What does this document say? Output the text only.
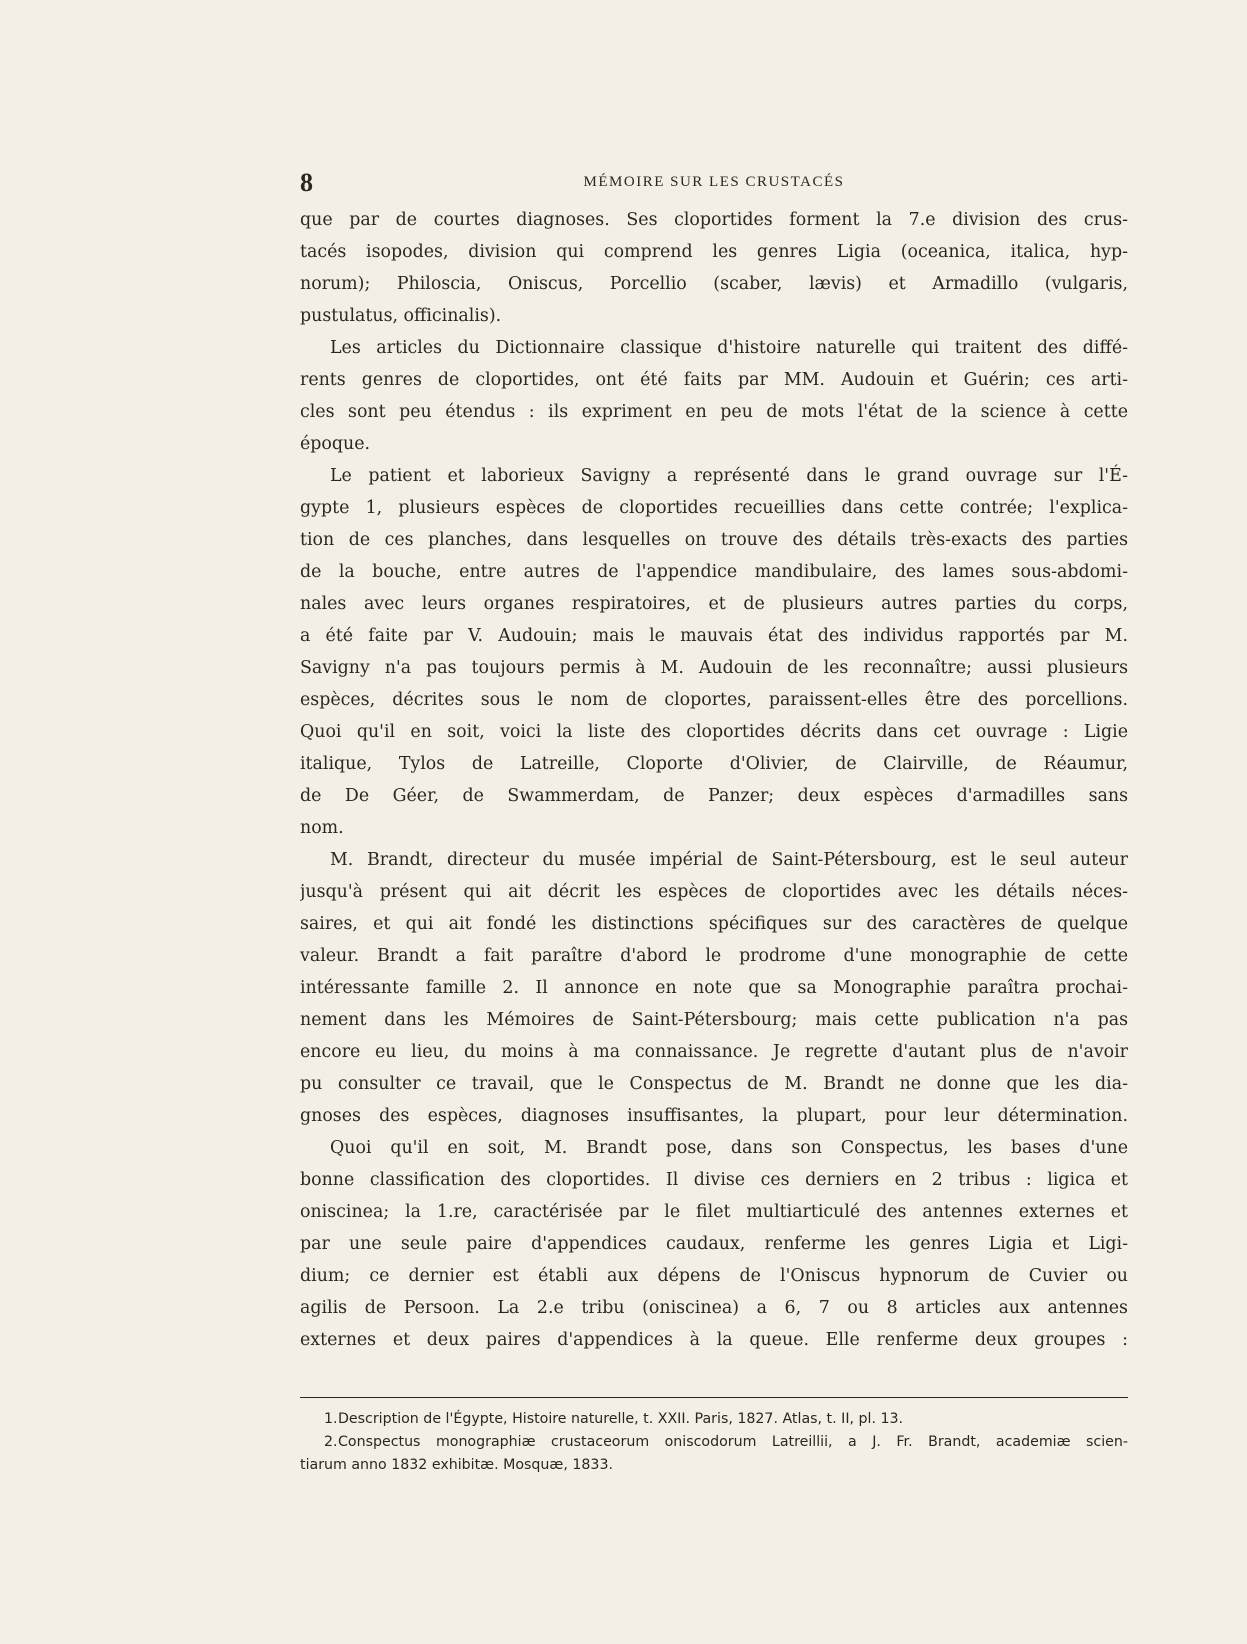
8	MÉMOIRE SUR LES CRUSTACÉS
que par de courtes diagnoses. Ses cloportides forment la 7.e division des crus-
tacés isopodes, division qui comprend les genres Ligia (oceanica, italica, hyp-
norum); Philoscia, Oniscus, Porcellio (scaber, lævis) et Armadillo (vulgaris,
pustulatus, officinalis).
Les articles du Dictionnaire classique d'histoire naturelle qui traitent des diffé-
rents genres de cloportides, ont été faits par MM. Audouin et Guérin; ces arti-
cles sont peu étendus : ils expriment en peu de mots l'état de la science à cette
époque.
Le patient et laborieux Savigny a représenté dans le grand ouvrage sur l'É-
gypte 1, plusieurs espèces de cloportides recueillies dans cette contrée; l'explica-
tion de ces planches, dans lesquelles on trouve des détails très-exacts des parties
de la bouche, entre autres de l'appendice mandibulaire, des lames sous-abdomi-
nales avec leurs organes respiratoires, et de plusieurs autres parties du corps,
a été faite par V. Audouin; mais le mauvais état des individus rapportés par M.
Savigny n'a pas toujours permis à M. Audouin de les reconnaître; aussi plusieurs
espèces, décrites sous le nom de cloportes, paraissent-elles être des porcellions.
Quoi qu'il en soit, voici la liste des cloportides décrits dans cet ouvrage : Ligie
italique, Tylos de Latreille, Cloporte d'Olivier, de Clairville, de Réaumur,
de De Géer, de Swammerdam, de Panzer; deux espèces d'armadilles sans
nom.
M. Brandt, directeur du musée impérial de Saint-Pétersbourg, est le seul auteur
jusqu'à présent qui ait décrit les espèces de cloportides avec les détails néces-
saires, et qui ait fondé les distinctions spécifiques sur des caractères de quelque
valeur. Brandt a fait paraître d'abord le prodrome d'une monographie de cette
intéressante famille 2. Il annonce en note que sa Monographie paraîtra prochai-
nement dans les Mémoires de Saint-Pétersbourg; mais cette publication n'a pas
encore eu lieu, du moins à ma connaissance. Je regrette d'autant plus de n'avoir
pu consulter ce travail, que le Conspectus de M. Brandt ne donne que les dia-
gnoses des espèces, diagnoses insuffisantes, la plupart, pour leur détermination.
Quoi qu'il en soit, M. Brandt pose, dans son Conspectus, les bases d'une
bonne classification des cloportides. Il divise ces derniers en 2 tribus : ligica et
oniscinea; la 1.re, caractérisée par le filet multiarticulé des antennes externes et
par une seule paire d'appendices caudaux, renferme les genres Ligia et Ligi-
dium; ce dernier est établi aux dépens de l'Oniscus hypnorum de Cuvier ou
agilis de Persoon. La 2.e tribu (oniscinea) a 6, 7 ou 8 articles aux antennes
externes et deux paires d'appendices à la queue. Elle renferme deux groupes :
1.Description de l'Égypte, Histoire naturelle, t. XXII. Paris, 1827. Atlas, t. II, pl. 13.
2.Conspectus monographiæ crustaceorum oniscodorum Latreillii, a J. Fr. Brandt, academiæ scien-
tiarum anno 1832 exhibitæ. Mosquæ, 1833.
